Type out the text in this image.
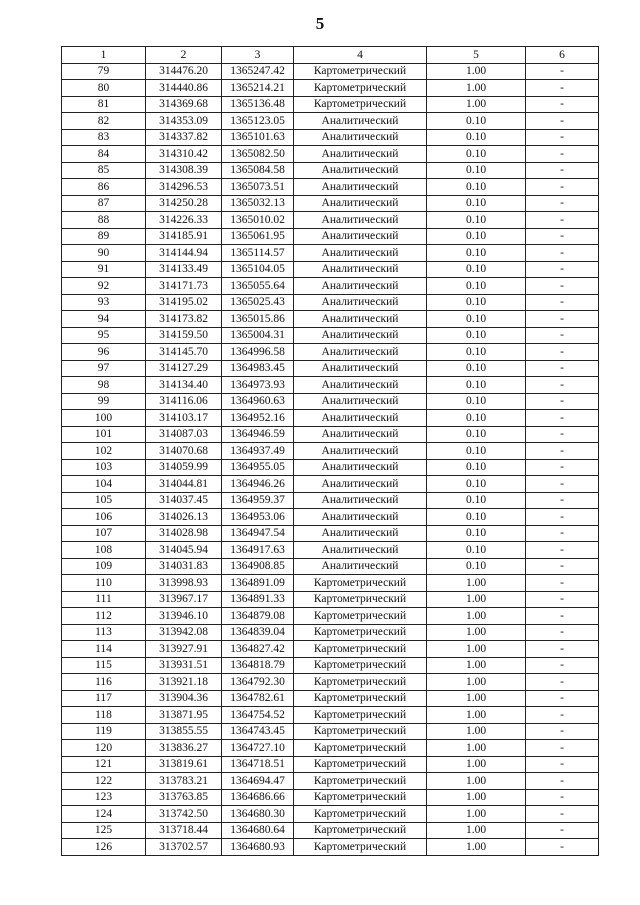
5
1	2	3	4	5	6
79	314476.20	1365247.42	Картометрический	1.00	-
80	314440.86	1365214.21	Картометрический	1.00	-
81	314369.68	1365136.48	Картометрический	1.00	-
82	314353.09	1365123.05	Аналитический	0.10	-
83	314337.82	1365101.63	Аналитический	0.10	-
84	314310.42	1365082.50	Аналитический	0.10	-
85	314308.39	1365084.58	Аналитический	0.10	-
86	314296.53	1365073.51	Аналитический	0.10	-
87	314250.28	1365032.13	Аналитический	0.10	-
88	314226.33	1365010.02	Аналитический	0.10	-
89	314185.91	1365061.95	Аналитический	0.10	-
90	314144.94	1365114.57	Аналитический	0.10	-
91	314133.49	1365104.05	Аналитический	0.10	-
92	314171.73	1365055.64	Аналитический	0.10	-
93	314195.02	1365025.43	Аналитический	0.10	-
94	314173.82	1365015.86	Аналитический	0.10	-
95	314159.50	1365004.31	Аналитический	0.10	-
96	314145.70	1364996.58	Аналитический	0.10	-
97	314127.29	1364983.45	Аналитический	0.10	-
98	314134.40	1364973.93	Аналитический	0.10	-
99	314116.06	1364960.63	Аналитический	0.10	-
100	314103.17	1364952.16	Аналитический	0.10	-
101	314087.03	1364946.59	Аналитический	0.10	-
102	314070.68	1364937.49	Аналитический	0.10	-
103	314059.99	1364955.05	Аналитический	0.10	-
104	314044.81	1364946.26	Аналитический	0.10	-
105	314037.45	1364959.37	Аналитический	0.10	-
106	314026.13	1364953.06	Аналитический	0.10	-
107	314028.98	1364947.54	Аналитический	0.10	-
108	314045.94	1364917.63	Аналитический	0.10	-
109	314031.83	1364908.85	Аналитический	0.10	-
110	313998.93	1364891.09	Картометрический	1.00	-
111	313967.17	1364891.33	Картометрический	1.00	-
112	313946.10	1364879.08	Картометрический	1.00	-
113	313942.08	1364839.04	Картометрический	1.00	-
114	313927.91	1364827.42	Картометрический	1.00	-
115	313931.51	1364818.79	Картометрический	1.00	-
116	313921.18	1364792.30	Картометрический	1.00	-
117	313904.36	1364782.61	Картометрический	1.00	-
118	313871.95	1364754.52	Картометрический	1.00	-
119	313855.55	1364743.45	Картометрический	1.00	-
120	313836.27	1364727.10	Картометрический	1.00	-
121	313819.61	1364718.51	Картометрический	1.00	-
122	313783.21	1364694.47	Картометрический	1.00	-
123	313763.85	1364686.66	Картометрический	1.00	-
124	313742.50	1364680.30	Картометрический	1.00	-
125	313718.44	1364680.64	Картометрический	1.00	-
126	313702.57	1364680.93	Картометрический	1.00	-
